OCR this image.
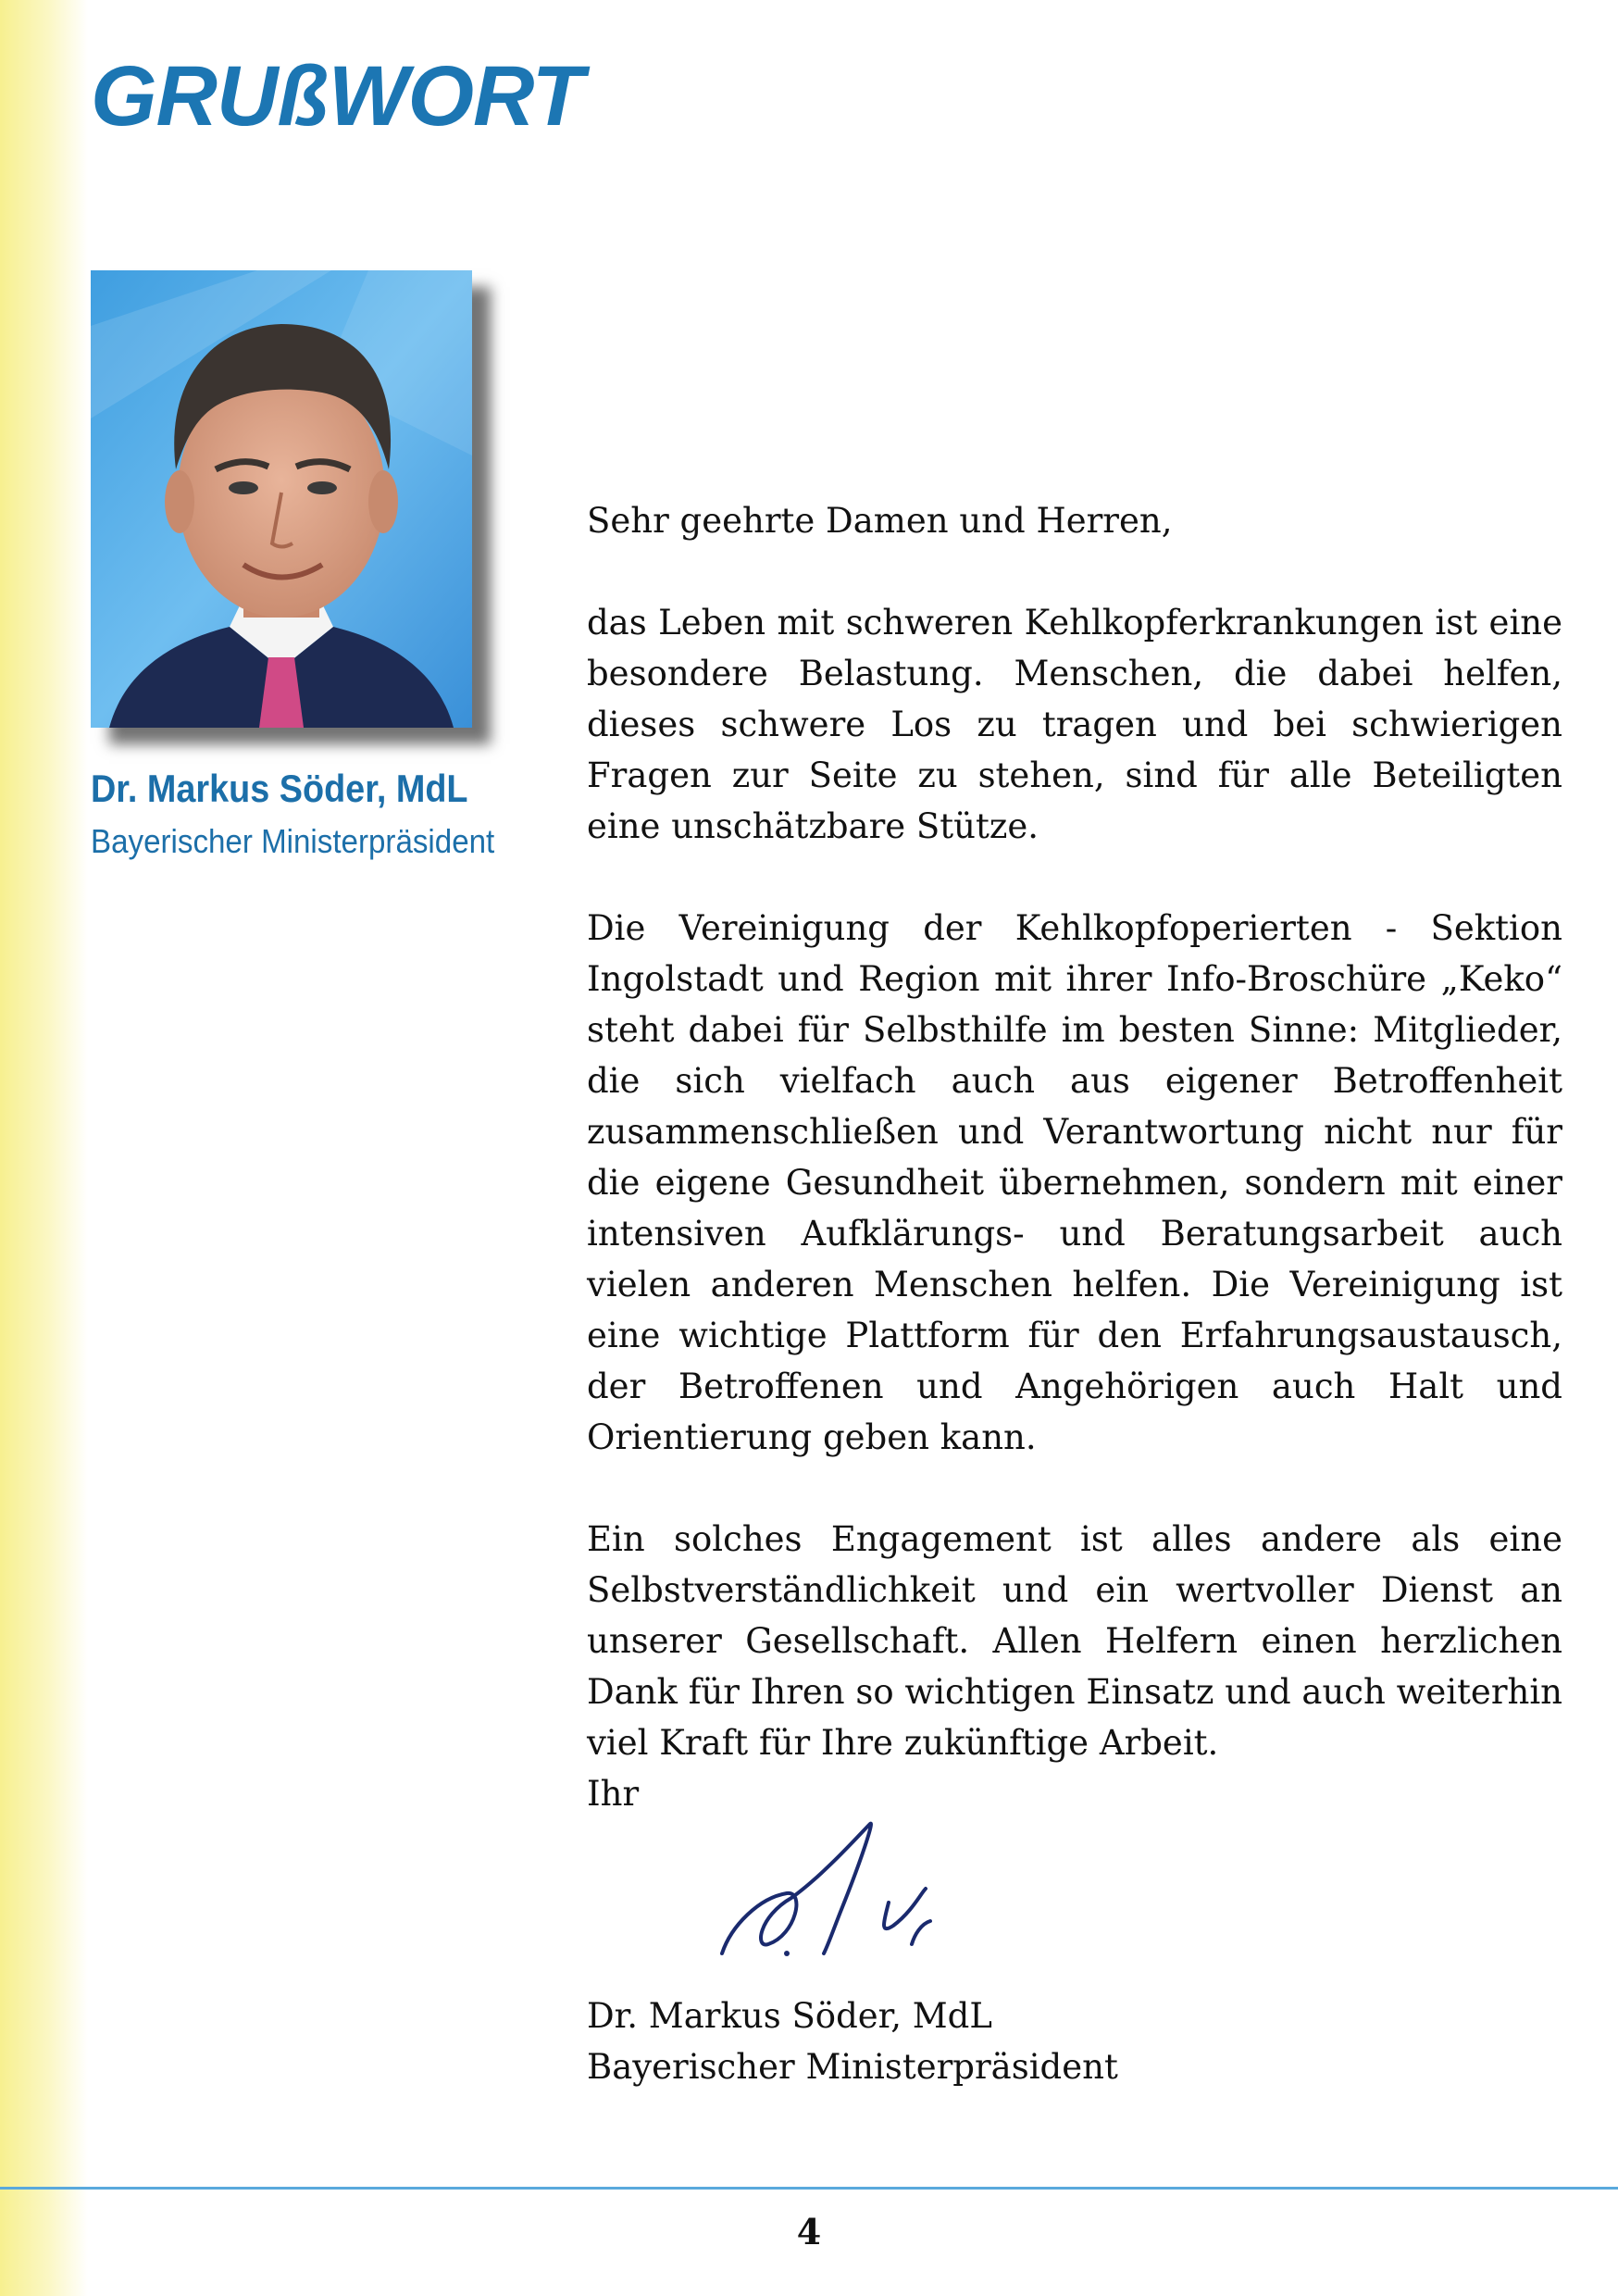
GRUßWORT
Dr. Markus Söder, MdL
Bayerischer Ministerpräsident

Sehr geehrte Damen und Herren,

das Leben mit schweren Kehlkopferkrankungen ist eine besondere Belastung. Menschen, die dabei helfen, dieses schwere Los zu tragen und bei schwierigen Fragen zur Seite zu stehen, sind für alle Beteiligten eine unschätzbare Stütze.

Die Vereinigung der Kehlkopfoperierten - Sektion Ingolstadt und Region mit ihrer Info-Broschüre „Keko“ steht dabei für Selbsthilfe im besten Sinne: Mitglieder, die sich vielfach auch aus eigener Betroffenheit zusammenschließen und Verantwortung nicht nur für die eigene Gesundheit übernehmen, sondern mit einer intensiven Aufklärungs- und Beratungsarbeit auch vielen anderen Menschen helfen. Die Vereinigung ist eine wichtige Plattform für den Erfahrungsaustausch, der Betroffenen und Angehörigen auch Halt und Orientierung geben kann.

Ein solches Engagement ist alles andere als eine Selbstverständlichkeit und ein wertvoller Dienst an unserer Gesellschaft. Allen Helfern einen herzlichen Dank für Ihren so wichtigen Einsatz und auch weiterhin viel Kraft für Ihre zukünftige Arbeit.

Ihr

Dr. Markus Söder, MdL
Bayerischer Ministerpräsident
4
